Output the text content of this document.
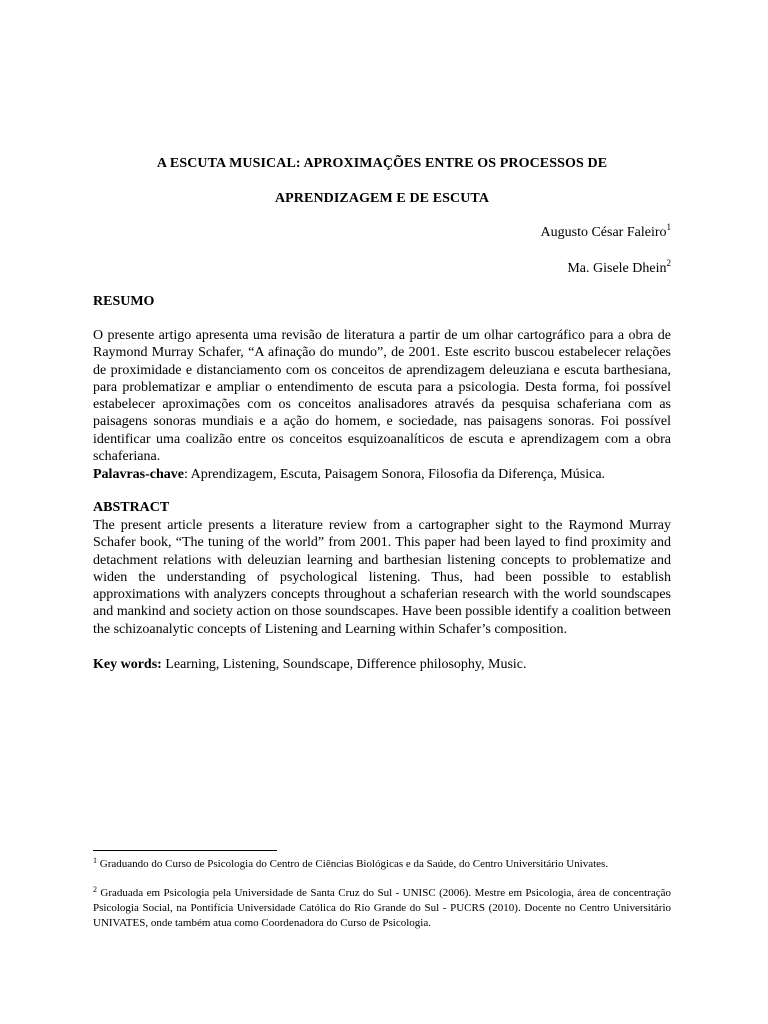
A ESCUTA MUSICAL: APROXIMAÇÕES ENTRE OS PROCESSOS DE
APRENDIZAGEM E DE ESCUTA
Augusto César Faleiro$^1$
Ma. Gisele Dhein$^2$
RESUMO
O presente artigo apresenta uma revisão de literatura a partir de um olhar cartográfico para a obra de Raymond Murray Schafer, “A afinação do mundo”, de 2001. Este escrito buscou estabelecer relações de proximidade e distanciamento com os conceitos de aprendizagem deleuziana e escuta barthesiana, para problematizar e ampliar o entendimento de escuta para a psicologia. Desta forma, foi possível estabelecer aproximações com os conceitos analisadores através da pesquisa schaferiana com as paisagens sonoras mundiais e a ação do homem, e sociedade, nas paisagens sonoras. Foi possível identificar uma coalizão entre os conceitos esquizoanalíticos de escuta e aprendizagem com a obra schaferiana.
Palavras-chave: Aprendizagem, Escuta, Paisagem Sonora, Filosofia da Diferença, Música.
ABSTRACT
The present article presents a literature review from a cartographer sight to the Raymond Murray Schafer book, “The tuning of the world” from 2001. This paper had been layed to find proximity and detachment relations with deleuzian learning and barthesian listening concepts to problematize and widen the understanding of psychological listening. Thus, had been possible to establish approximations with analyzers concepts throughout a schaferian research with the world soundscapes and mankind and society action on those soundscapes. Have been possible identify a coalition between the schizoanalytic concepts of Listening and Learning within Schafer’s composition.
Key words: Learning, Listening, Soundscape, Difference philosophy, Music.
$^1$ Graduando do Curso de Psicologia do Centro de Ciências Biológicas e da Saúde, do Centro Universitário Univates.
$^2$ Graduada em Psicologia pela Universidade de Santa Cruz do Sul - UNISC (2006). Mestre em Psicologia, área de concentração Psicologia Social, na Pontifícia Universidade Católica do Rio Grande do Sul - PUCRS (2010). Docente no Centro Universitário UNIVATES, onde também atua como Coordenadora do Curso de Psicologia.
